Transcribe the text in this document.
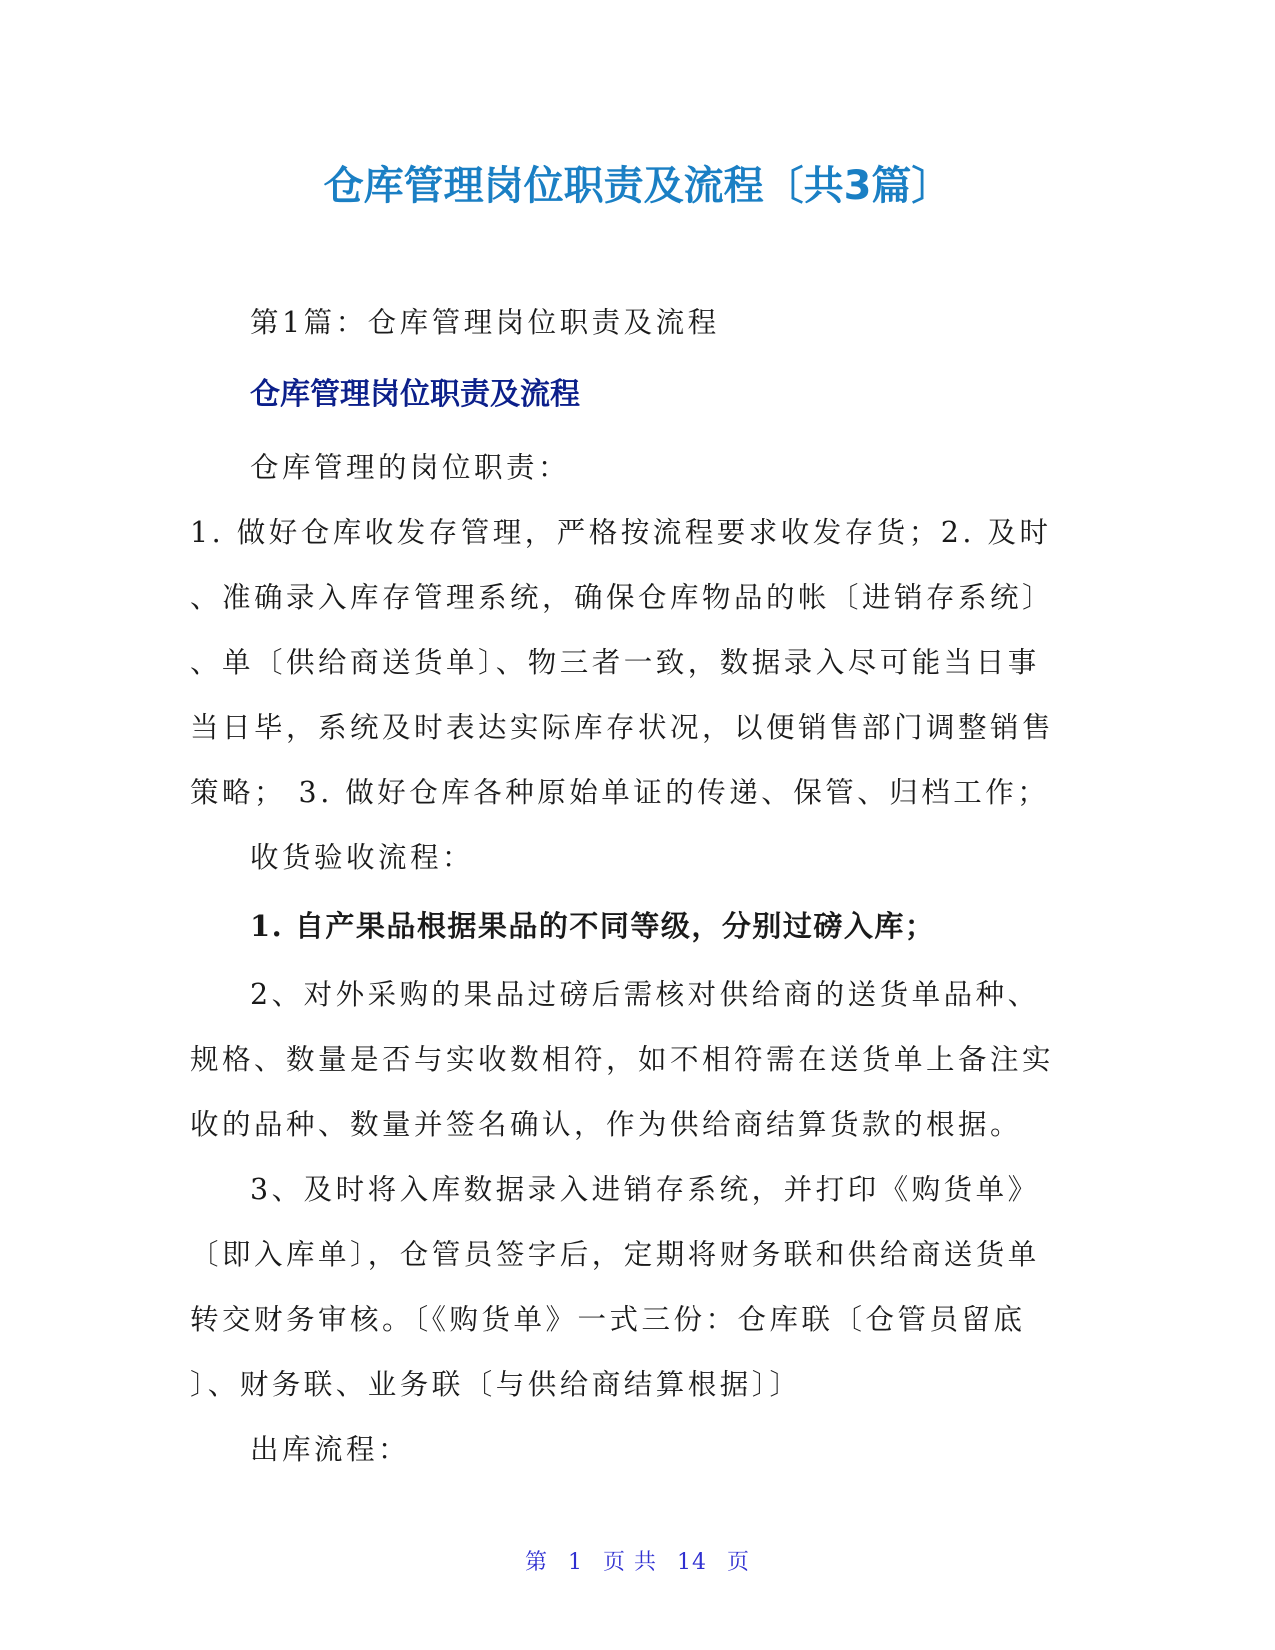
仓库管理岗位职责及流程〔共3篇〕

第1篇：仓库管理岗位职责及流程

仓库管理岗位职责及流程

仓库管理的岗位职责：

1. 做好仓库收发存管理，严格按流程要求收发存货；2. 及时

、准确录入库存管理系统，确保仓库物品的帐〔进销存系统〕

、单〔供给商送货单〕、物三者一致，数据录入尽可能当日事

当日毕，系统及时表达实际库存状况，以便销售部门调整销售

策略； 3. 做好仓库各种原始单证的传递、保管、归档工作；

收货验收流程：

1. 自产果品根据果品的不同等级，分别过磅入库；

2、对外采购的果品过磅后需核对供给商的送货单品种、

规格、数量是否与实收数相符，如不相符需在送货单上备注实

收的品种、数量并签名确认，作为供给商结算货款的根据。

3、及时将入库数据录入进销存系统，并打印《购货单》

〔即入库单〕，仓管员签字后，定期将财务联和供给商送货单

转交财务审核。〔《购货单》一式三份：仓库联〔仓管员留底

〕、财务联、业务联〔与供给商结算根据〕〕

出库流程：

第 1 页 共 14 页
